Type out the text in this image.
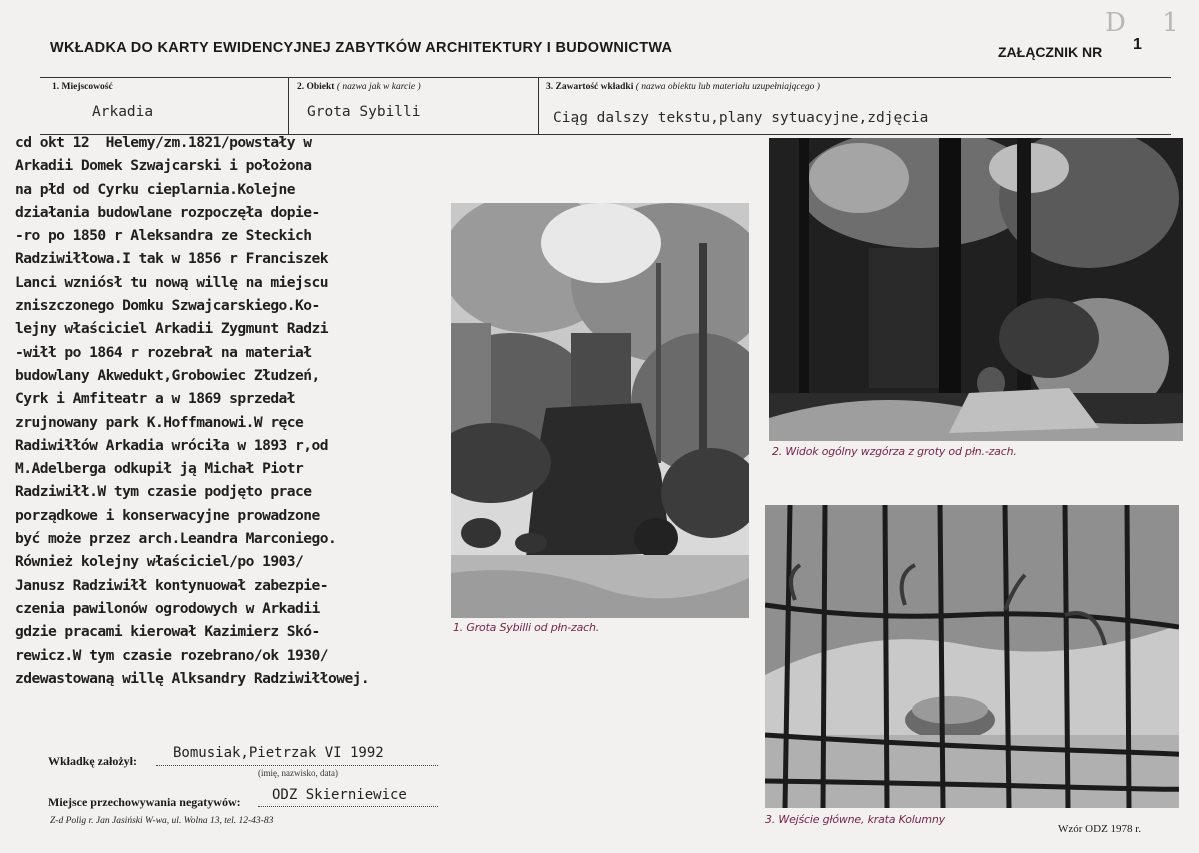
D 1
WKŁADKA DO KARTY EWIDENCYJNEJ ZABYTKÓW ARCHITEKTURY I BUDOWNICTWA	ZAŁĄCZNIK NR 1
1. Miejscowość	2. Obiekt ( nazwa jak w karcie )	3. Zawartość wkładki ( nazwa obiektu lub materiału uzupełniającego )
Arkadia	Grota Sybilli	Ciąg dalszy tekstu,plany sytuacyjne,zdjęcia
cd okt 12  Helemy/zm.1821/powstały w
Arkadii Domek Szwajcarski i położona
na płd od Cyrku cieplarnia.Kolejne
działania budowlane rozpoczęła dopie-
-ro po 1850 r Aleksandra ze Steckich
Radziwiłłowa.I tak w 1856 r Franciszek
Lanci wzniósł tu nową willę na miejscu
zniszczonego Domku Szwajcarskiego.Ko-
lejny właściciel Arkadii Zygmunt Radzi
-wiłł po 1864 r rozebrał na materiał
budowlany Akwedukt,Grobowiec Złudzeń,
Cyrk i Amfiteatr a w 1869 sprzedał
zrujnowany park K.Hoffmanowi.W ręce
Radiwiłłów Arkadia wróciła w 1893 r,od
M.Adelberga odkupił ją Michał Piotr
Radziwiłł.W tym czasie podjęto prace
porządkowe i konserwacyjne prowadzone
być może przez arch.Leandra Marconiego.
Również kolejny właściciel/po 1903/
Janusz Radziwiłł kontynuował zabezpie-
czenia pawilonów ogrodowych w Arkadii
gdzie pracami kierował Kazimierz Skó-
rewicz.W tym czasie rozebrano/ok 1930/
zdewastowaną willę Alksandry Radziwiłłowej.
1. Grota Sybilli od płn-zach.
2. Widok ogólny wzgórza z groty od płn.-zach.
3. Wejście główne, krata Kolumny
Wkładkę założył:	Bomusiak,Pietrzak VI 1992
(imię, nazwisko, data)
Miejsce przechowywania negatywów: ODZ Skierniewice
Z-d Polig r. Jan Jasiński W-wa, ul. Wolna 13, tel. 12-43-83
Wzór ODZ 1978 r.
